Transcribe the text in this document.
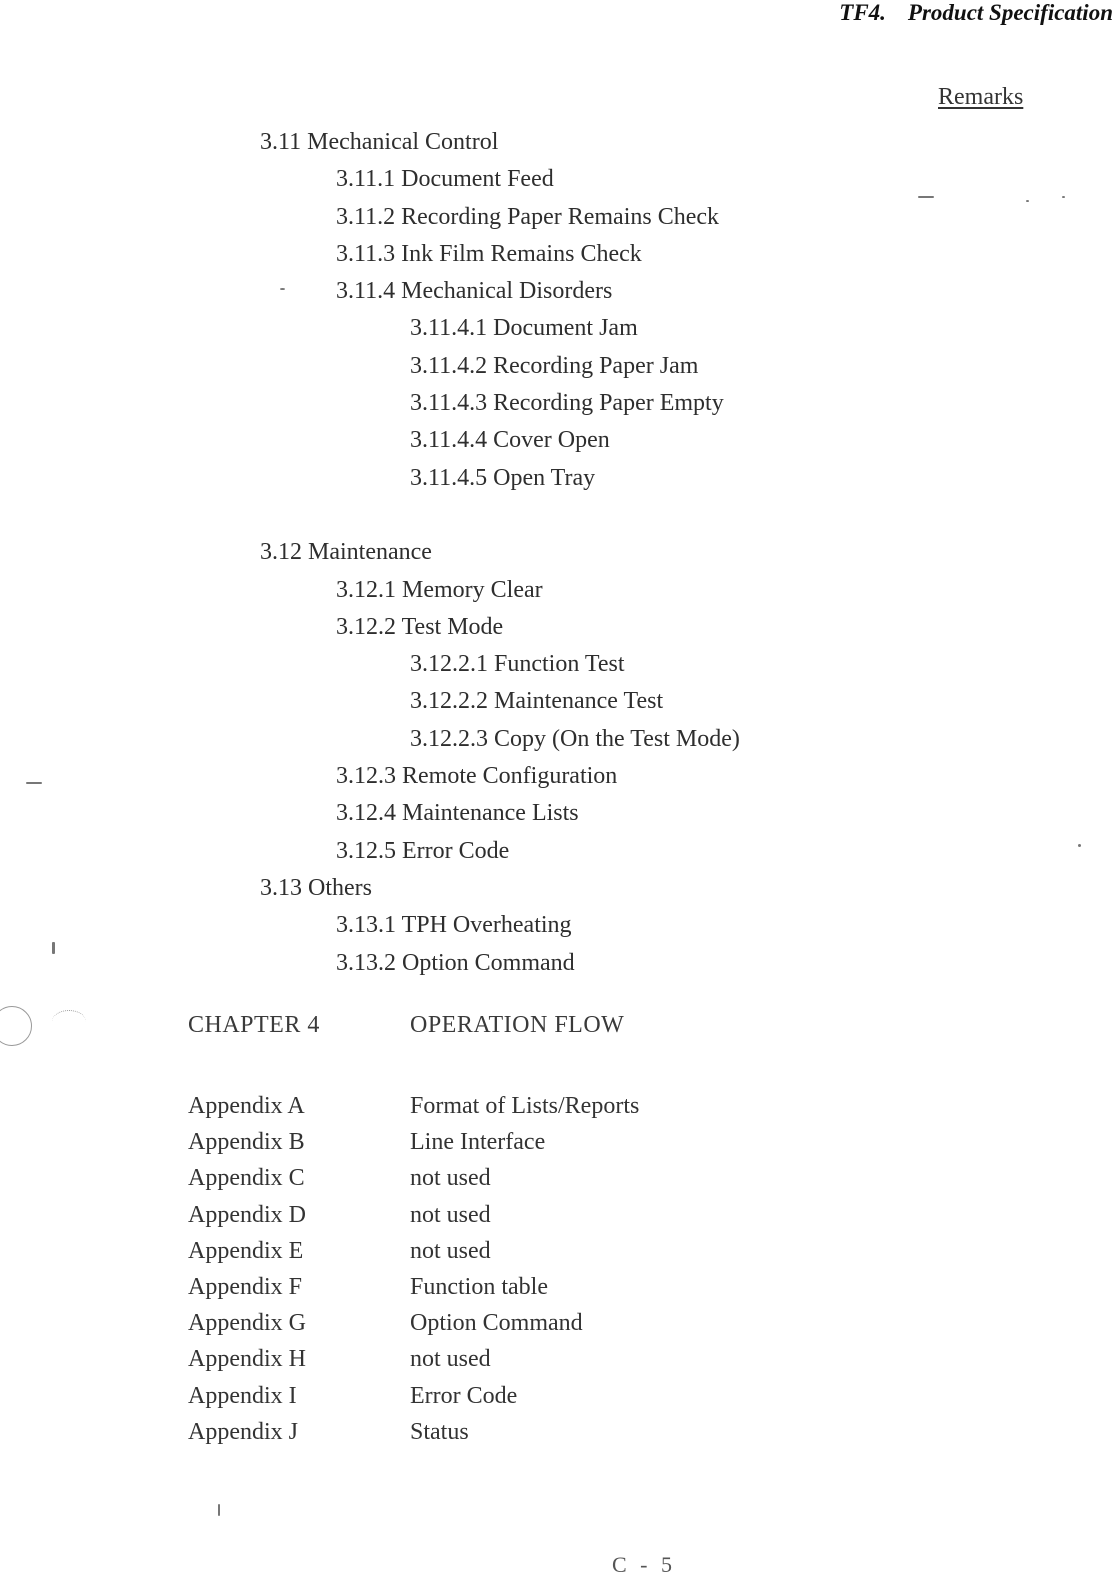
TF4. Product Specification
Remarks
3.11 Mechanical Control
3.11.1 Document Feed
3.11.2 Recording Paper Remains Check
3.11.3 Ink Film Remains Check
3.11.4 Mechanical Disorders
3.11.4.1 Document Jam
3.11.4.2 Recording Paper Jam
3.11.4.3 Recording Paper Empty
3.11.4.4 Cover Open
3.11.4.5 Open Tray
3.12 Maintenance
3.12.1 Memory Clear
3.12.2 Test Mode
3.12.2.1 Function Test
3.12.2.2 Maintenance Test
3.12.2.3 Copy (On the Test Mode)
3.12.3 Remote Configuration
3.12.4 Maintenance Lists
3.12.5 Error Code
3.13 Others
3.13.1 TPH Overheating
3.13.2 Option Command
CHAPTER 4	OPERATION FLOW
Appendix A	Format of Lists/Reports
Appendix B	Line Interface
Appendix C	not used
Appendix D	not used
Appendix E	not used
Appendix F	Function table
Appendix G	Option Command
Appendix H	not used
Appendix I	Error Code
Appendix J	Status
C - 5
